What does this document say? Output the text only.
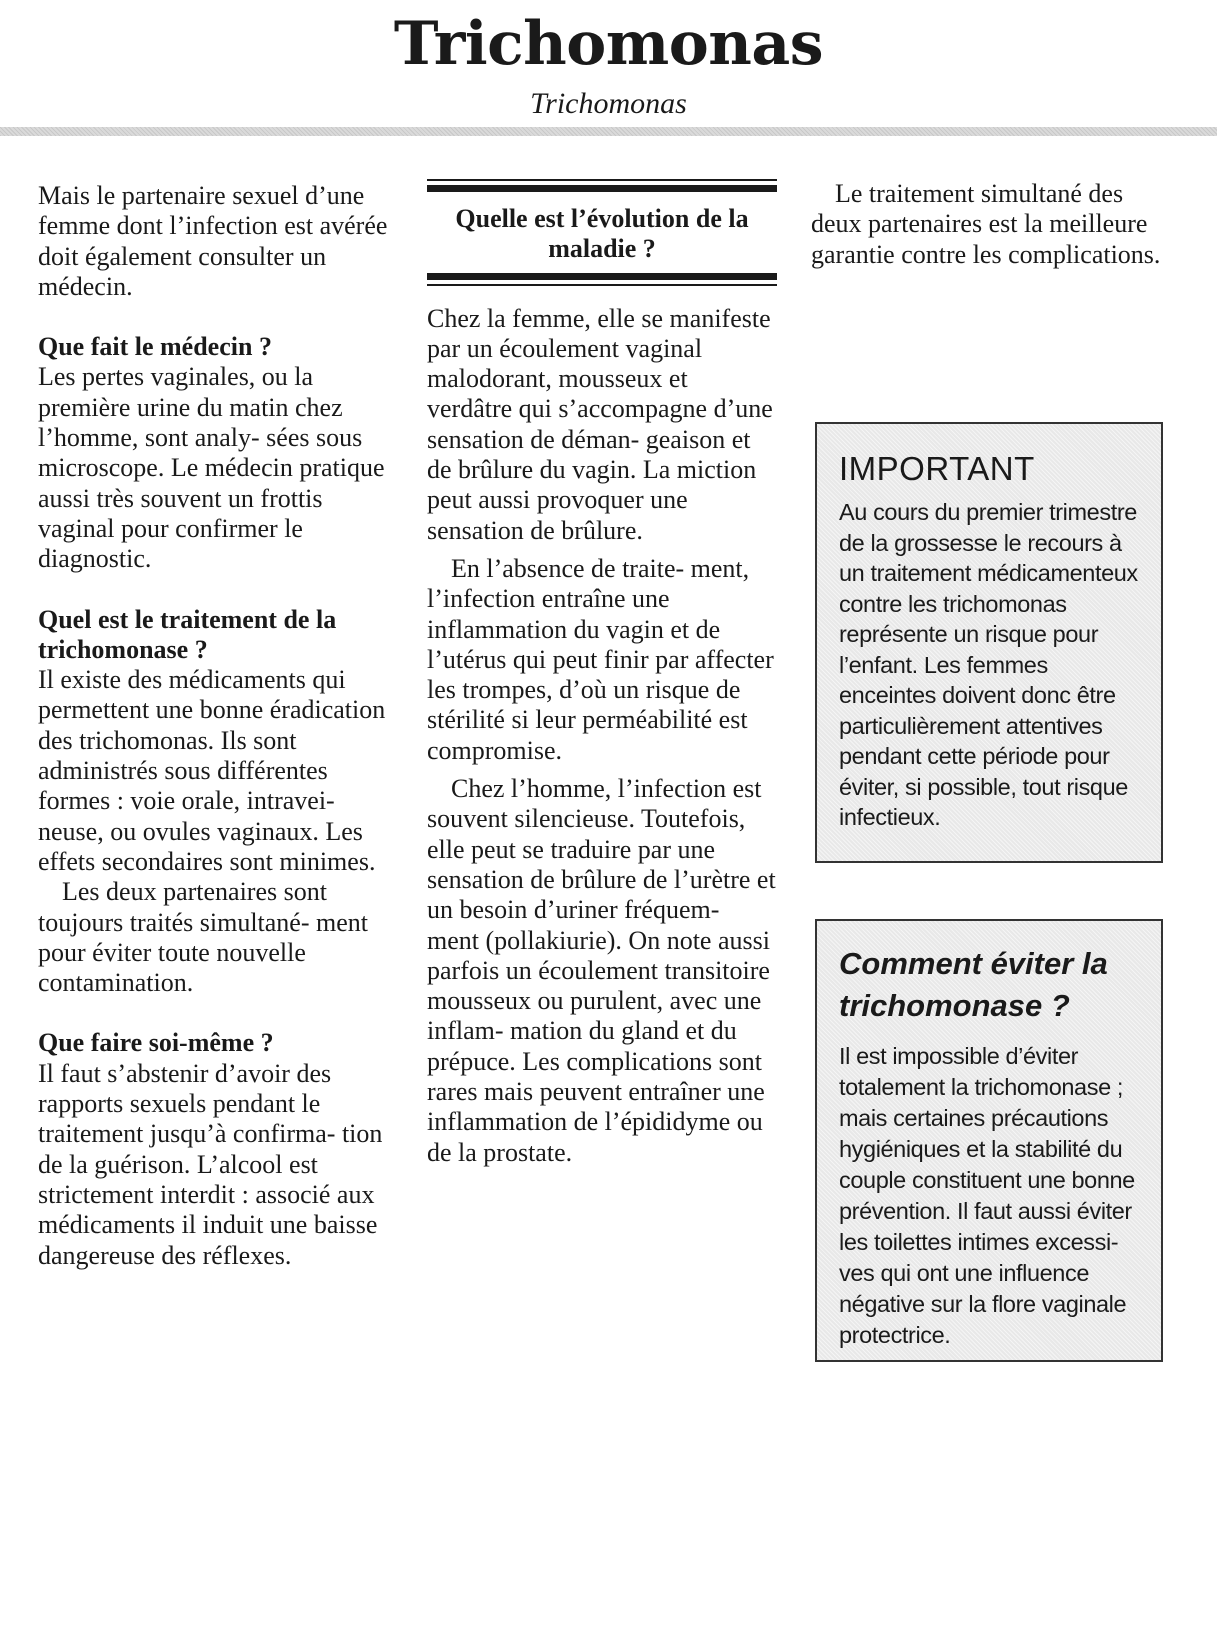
Trichomonas
Trichomonas

Mais le partenaire sexuel d’une femme dont l’infection est avérée doit également consulter un médecin.

Que fait le médecin ?

Les pertes vaginales, ou la première urine du matin chez l’homme, sont analy- sées sous microscope. Le médecin pratique aussi très souvent un frottis vaginal pour confirmer le diagnostic.

Quel est le traitement de la trichomonase ?

Il existe des médicaments qui permettent une bonne éradication des trichomonas. Ils sont administrés sous différentes formes : voie orale, intravei- neuse, ou ovules vaginaux. Les effets secondaires sont minimes.

Les deux partenaires sont toujours traités simultané- ment pour éviter toute nouvelle contamination.

Que faire soi-même ?

Il faut s’abstenir d’avoir des rapports sexuels pendant le traitement jusqu’à confirma- tion de la guérison. L’alcool est strictement interdit : associé aux médicaments il induit une baisse dangereuse des réflexes.

Quelle est l’évolution de la maladie ?

Chez la femme, elle se manifeste par un écoulement vaginal malodorant, mousseux et verdâtre qui s’accompagne d’une sensation de déman- geaison et de brûlure du vagin. La miction peut aussi provoquer une sensation de brûlure.

En l’absence de traite- ment, l’infection entraîne une inflammation du vagin et de l’utérus qui peut finir par affecter les trompes, d’où un risque de stérilité si leur perméabilité est compromise.

Chez l’homme, l’infection est souvent silencieuse. Toutefois, elle peut se traduire par une sensation de brûlure de l’urètre et un besoin d’uriner fréquem- ment (pollakiurie). On note aussi parfois un écoulement transitoire mousseux ou purulent, avec une inflam- mation du gland et du prépuce. Les complications sont rares mais peuvent entraîner une inflammation de l’épididyme ou de la prostate.

Le traitement simultané des deux partenaires est la meilleure garantie contre les complications.

IMPORTANT

Au cours du premier trimestre de la grossesse le recours à un traitement médicamenteux contre les trichomonas représente un risque pour l’enfant. Les femmes enceintes doivent donc être particulièrement attentives pendant cette période pour éviter, si possible, tout risque infectieux.

Comment éviter la trichomonase ?

Il est impossible d’éviter totalement la trichomonase ; mais certaines précautions hygiéniques et la stabilité du couple constituent une bonne prévention. Il faut aussi éviter les toilettes intimes excessi- ves qui ont une influence négative sur la flore vaginale protectrice.
